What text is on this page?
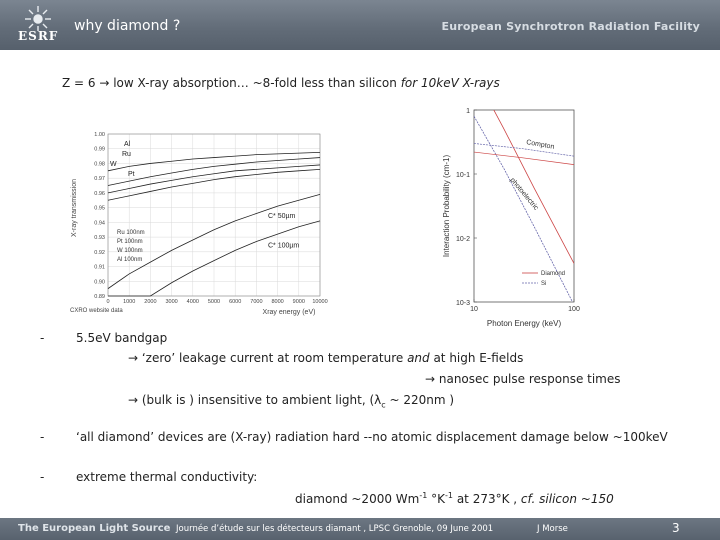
ESRF
why diamond ?	European Synchrotron Radiation Facility
Z = 6 → low X-ray absorption… ~8-fold less than silicon for 10keV X-rays
Al
Ru
W
Pt
C* 50µm
C* 100µm
1.00
0.99
0.98
0.97
0.96
0.95
0.94
0.93
0.92
0.91
0.90
0.89
0 1000 2000 3000 4000 5000 6000 7000 8000 9000 10000
X-ray transmission
Xray energy (eV)
CXRO website data
Ru 100nm
Pt 100nm
W 100nm
Al 100nm
1
10-1
10-2
10-3
10	100
Interaction Probability (cm-1)
Photon Energy (keV)
Compton
photoelectric
Diamond
Si
-	5.5eV bandgap
→ ‘zero’ leakage current at room temperature and at high E-fields
→ nanosec pulse response times
→ (bulk is ) insensitive to ambient light, ($\lambda_c$ ~ 220nm )
-	‘all diamond’ devices are (X-ray) radiation hard --no atomic displacement damage below ~100keV
-	extreme thermal conductivity:
diamond ~2000 $Wm^{-1}$ $^\circ K^{-1}$ at 273°K , cf. silicon ~150
The European Light Source Journée d’étude sur les détecteurs diamant , LPSC Grenoble, 09 June 2001	J Morse	3
